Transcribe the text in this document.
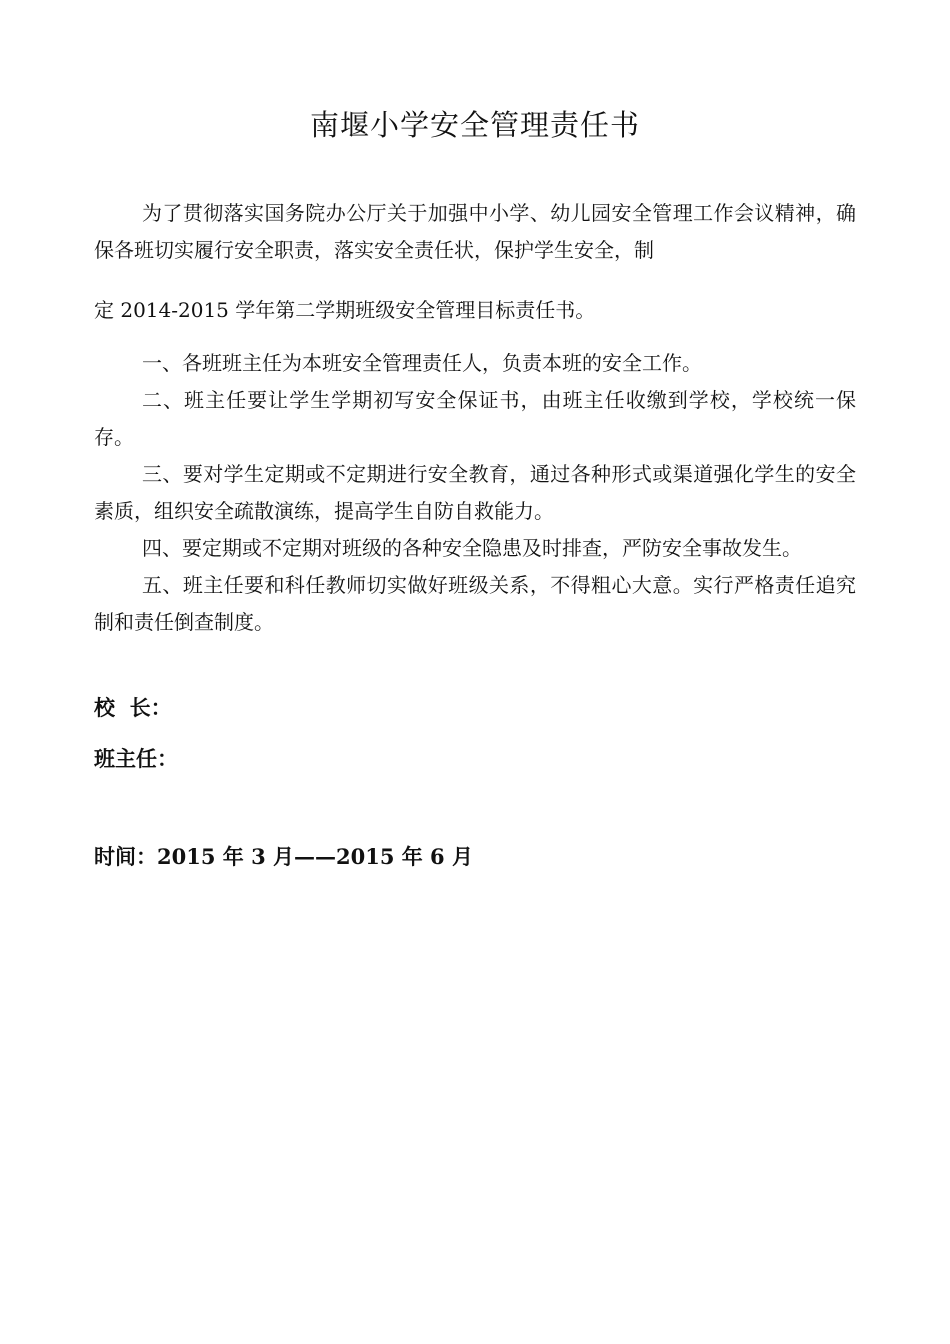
南堰小学安全管理责任书
为了贯彻落实国务院办公厅关于加强中小学、幼儿园安全管理工作会议精神，确保各班切实履行安全职责，落实安全责任状，保护学生安全，制
定 2014-2015 学年第二学期班级安全管理目标责任书。

一、各班班主任为本班安全管理责任人，负责本班的安全工作。

二、班主任要让学生学期初写安全保证书，由班主任收缴到学校，学校统一保存。

三、要对学生定期或不定期进行安全教育，通过各种形式或渠道强化学生的安全素质，组织安全疏散演练，提高学生自防自救能力。

四、要定期或不定期对班级的各种安全隐患及时排查，严防安全事故发生。

五、班主任要和科任教师切实做好班级关系，不得粗心大意。实行严格责任追究制和责任倒查制度。

校  长：
班主任：
时间：2015 年 3 月——2015 年 6 月
